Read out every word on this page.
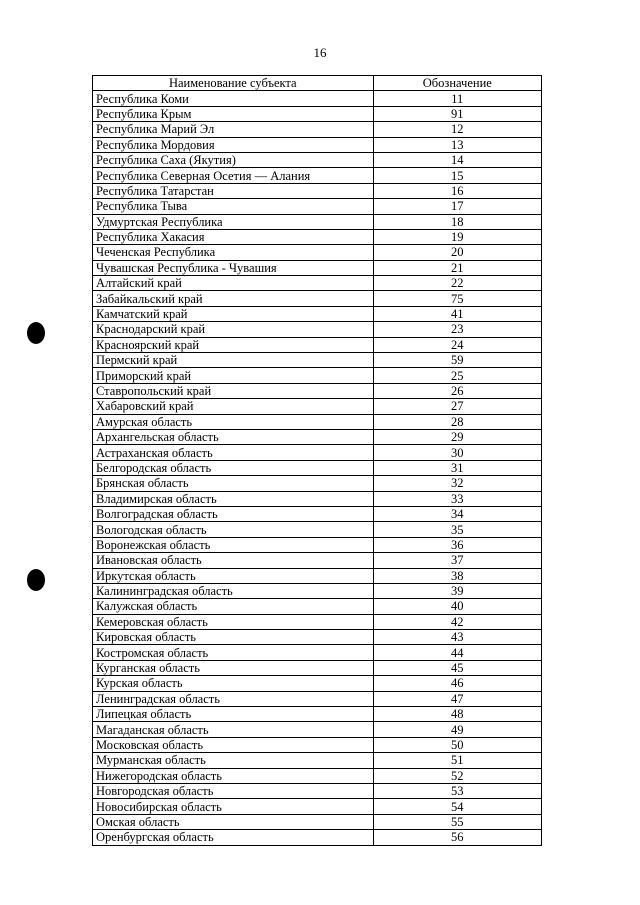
16
Наименование субъекта	Обозначение
Республика Коми	11
Республика Крым	91
Республика Марий Эл	12
Республика Мордовия	13
Республика Саха (Якутия)	14
Республика Северная Осетия — Алания	15
Республика Татарстан	16
Республика Тыва	17
Удмуртская Республика	18
Республика Хакасия	19
Чеченская Республика	20
Чувашская Республика - Чувашия	21
Алтайский край	22
Забайкальский край	75
Камчатский край	41
Краснодарский край	23
Красноярский край	24
Пермский край	59
Приморский край	25
Ставропольский край	26
Хабаровский край	27
Амурская область	28
Архангельская область	29
Астраханская область	30
Белгородская область	31
Брянская область	32
Владимирская область	33
Волгоградская область	34
Вологодская область	35
Воронежская область	36
Ивановская область	37
Иркутская область	38
Калининградская область	39
Калужская область	40
Кемеровская область	42
Кировская область	43
Костромская область	44
Курганская область	45
Курская область	46
Ленинградская область	47
Липецкая область	48
Магаданская область	49
Московская область	50
Мурманская область	51
Нижегородская область	52
Новгородская область	53
Новосибирская область	54
Омская область	55
Оренбургская область	56
